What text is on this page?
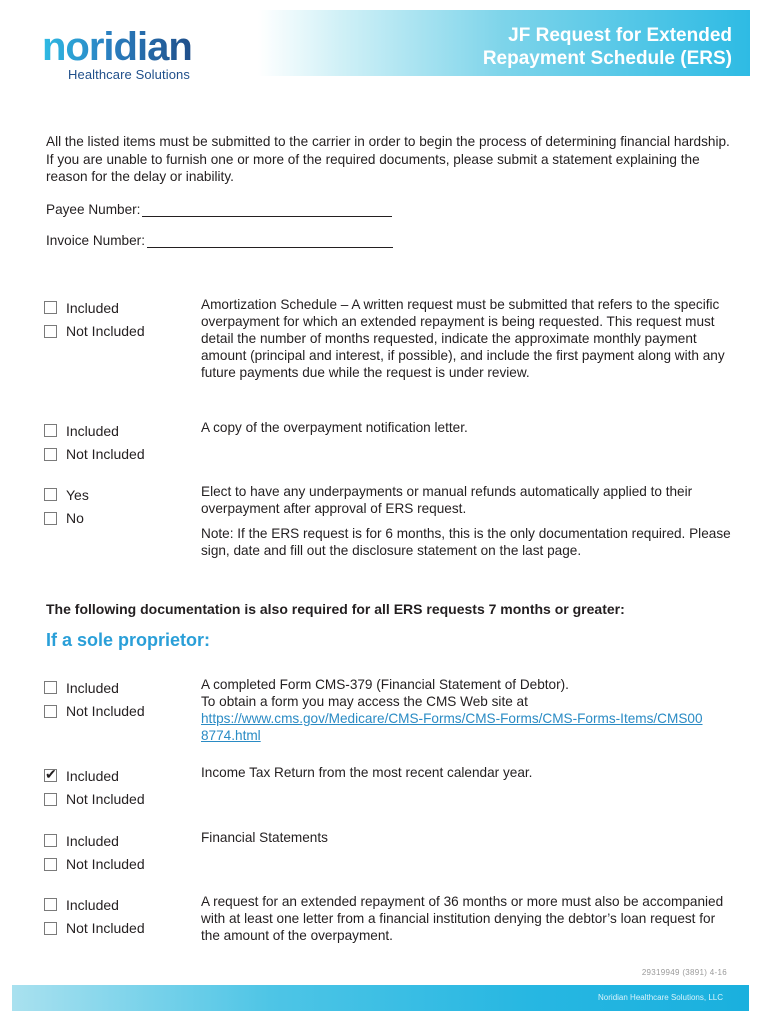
noridian
Healthcare Solutions
JF Request for Extended
Repayment Schedule (ERS)
All the listed items must be submitted to the carrier in order to begin the process of determining financial hardship. If you are unable to furnish one or more of the required documents, please submit a statement explaining the reason for the delay or inability.
Payee Number:
Invoice Number:
Included
Not Included

Amortization Schedule – A written request must be submitted that refers to the specific overpayment for which an extended repayment is being requested. This request must detail the number of months requested, indicate the approximate monthly payment amount (principal and interest, if possible), and include the first payment along with any future payments due while the request is under review.

Included
Not Included

A copy of the overpayment notification letter.

Yes
No

Elect to have any underpayments or manual refunds automatically applied to their overpayment after approval of ERS request.

Note: If the ERS request is for 6 months, this is the only documentation required. Please sign, date and fill out the disclosure statement on the last page.

The following documentation is also required for all ERS requests 7 months or greater:
If a sole proprietor:
Included
Not Included
A completed Form CMS-379 (Financial Statement of Debtor).
To obtain a form you may access the CMS Web site at
https://www.cms.gov/Medicare/CMS-Forms/CMS-Forms/CMS-Forms-Items/CMS008774.html
✔
Included
Not Included

Income Tax Return from the most recent calendar year.

Included
Not Included

Financial Statements

Included
Not Included

A request for an extended repayment of 36 months or more must also be accompanied with at least one letter from a financial institution denying the debtor’s loan request for the amount of the overpayment.

29319949 (3891) 4-16
Noridian Healthcare Solutions, LLC
